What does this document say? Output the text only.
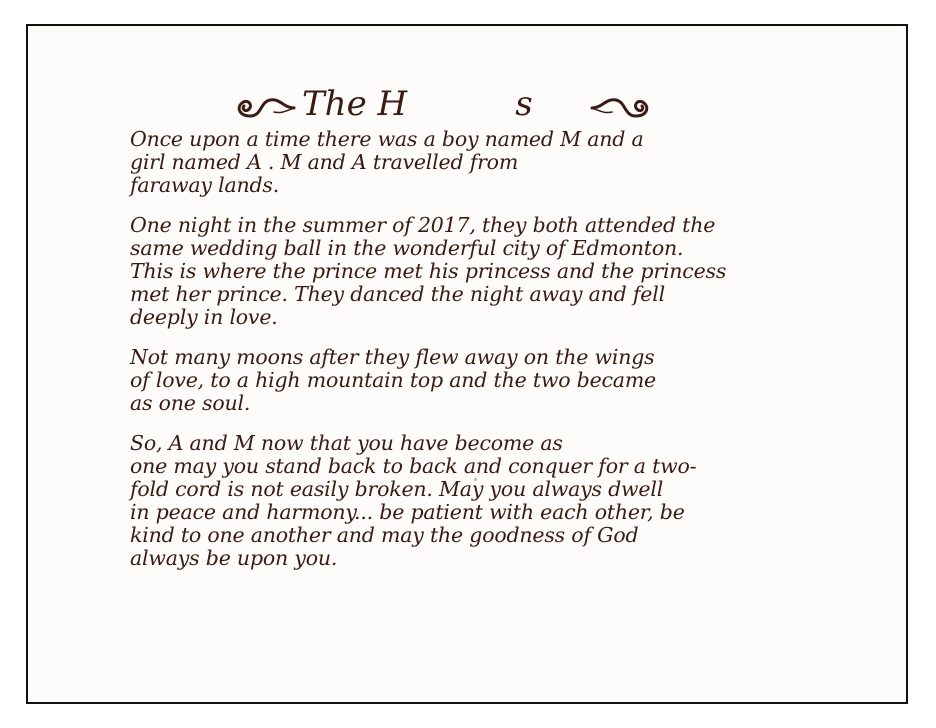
The H          s

Once upon a time there was a boy named M and a
girl named A . M and A travelled from
faraway lands.

One night in the summer of 2017, they both attended the
same wedding ball in the wonderful city of Edmonton.
This is where the prince met his princess and the princess
met her prince. They danced the night away and fell
deeply in love.

Not many moons after they flew away on the wings
of love, to a high mountain top and the two became
as one soul.

So, A and M now that you have become as
one may you stand back to back and conquer for a two-
fold cord is not easily broken. May you always dwell
in peace and harmony... be patient with each other, be
kind to one another and may the goodness of God
always be upon you.
